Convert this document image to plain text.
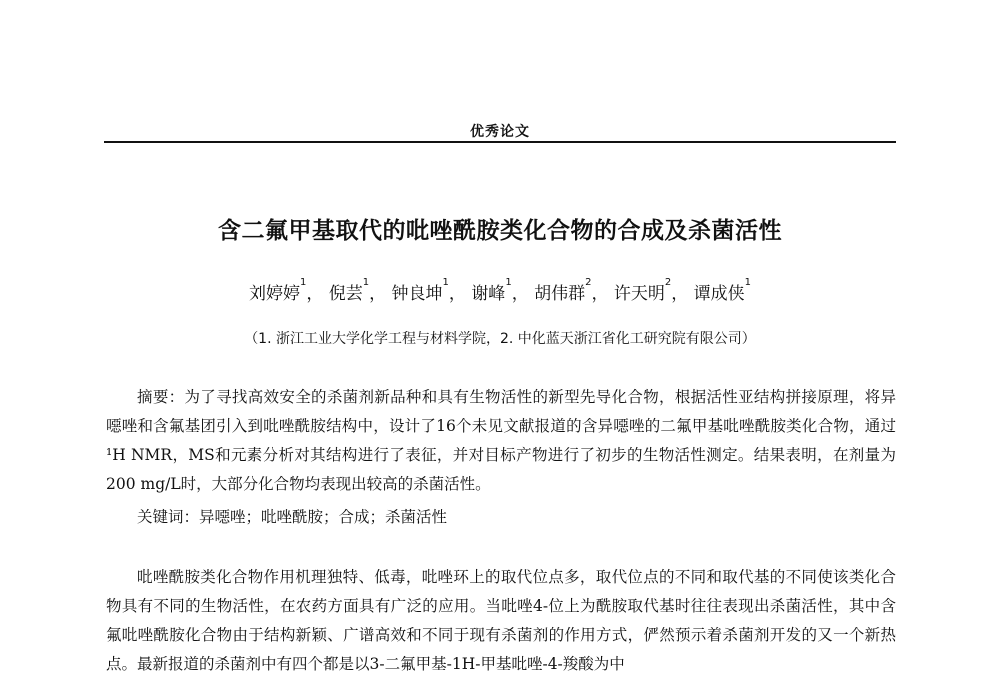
优秀论文
含二氟甲基取代的吡唑酰胺类化合物的合成及杀菌活性
刘婷婷$^1$， 倪芸$^1$， 钟良坤$^1$， 谢峰$^1$， 胡伟群$^2$， 许天明$^2$， 谭成侠$^1$
（1. 浙江工业大学化学工程与材料学院，2. 中化蓝天浙江省化工研究院有限公司）
摘要：为了寻找高效安全的杀菌剂新品种和具有生物活性的新型先导化合物，根据活性亚结构拼接原理，将异噁唑和含氟基团引入到吡唑酰胺结构中，设计了16个未见文献报道的含异噁唑的二氟甲基吡唑酰胺类化合物，通过¹H NMR，MS和元素分析对其结构进行了表征，并对目标产物进行了初步的生物活性测定。结果表明，在剂量为200 mg/L时，大部分化合物均表现出较高的杀菌活性。
关键词：异噁唑；吡唑酰胺；合成；杀菌活性
吡唑酰胺类化合物作用机理独特、低毒，吡唑环上的取代位点多，取代位点的不同和取代基的不同使该类化合物具有不同的生物活性，在农药方面具有广泛的应用。当吡唑4-位上为酰胺取代基时往往表现出杀菌活性，其中含氟吡唑酰胺化合物由于结构新颖、广谱高效和不同于现有杀菌剂的作用方式，俨然预示着杀菌剂开发的又一个新热点。最新报道的杀菌剂中有四个都是以3-二氟甲基-1H-甲基吡唑-4-羧酸为中
